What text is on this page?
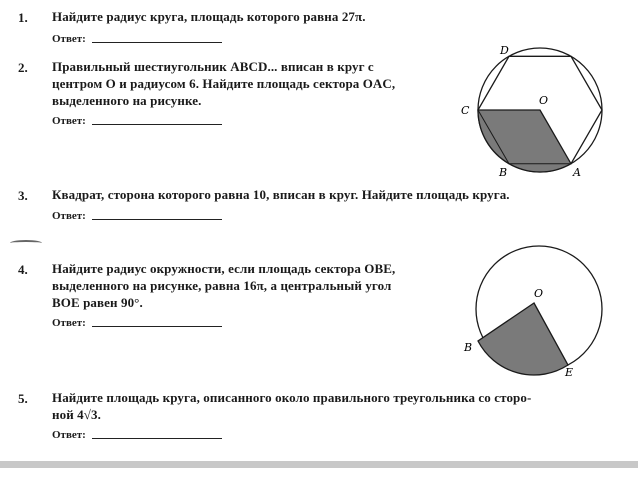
1. Найдите радиус круга, площадь которого равна 27π.
Ответ:
2. Правильный шестиугольник ABCD... вписан в круг с
центром O и радиусом 6. Найдите площадь сектора OAC,
выделенного на рисунке.
Ответ:
D
O
C
B	A
3. Квадрат, сторона которого равна 10, вписан в круг. Найдите площадь круга.
Ответ:
4. Найдите радиус окружности, если площадь сектора OBE,
выделенного на рисунке, равна 16π, а центральный угол
BOE равен 90°.
Ответ:
O
B
E
5. Найдите площадь круга, описанного около правильного треугольника со сторо-
ной 4√3.
Ответ:
